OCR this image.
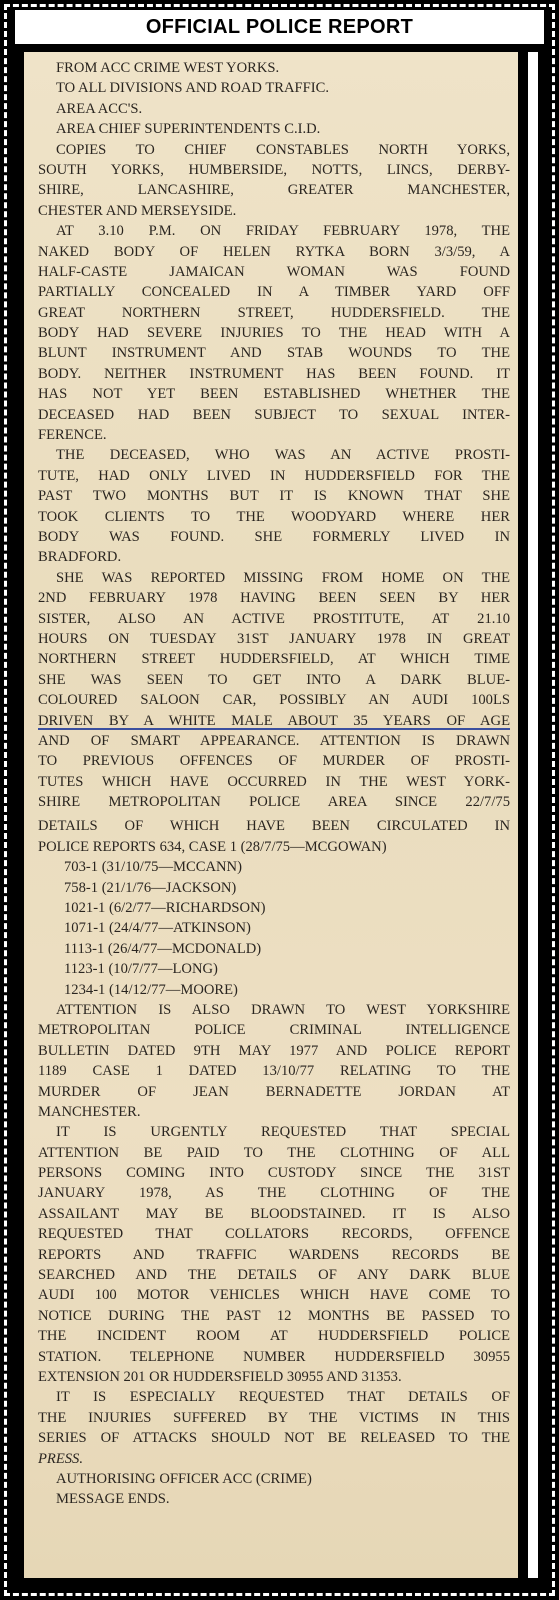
OFFICIAL POLICE REPORT
FROM ACC CRIME WEST YORKS.
TO ALL DIVISIONS AND ROAD TRAFFIC.
AREA ACC'S.
AREA CHIEF SUPERINTENDENTS C.I.D.
COPIES TO CHIEF CONSTABLES NORTH YORKS,
SOUTH YORKS, HUMBERSIDE, NOTTS, LINCS, DERBY-
SHIRE, LANCASHIRE, GREATER MANCHESTER,
CHESTER AND MERSEYSIDE.
AT 3.10 P.M. ON FRIDAY FEBRUARY 1978, THE
NAKED BODY OF HELEN RYTKA BORN 3/3/59, A
HALF-CASTE JAMAICAN WOMAN WAS FOUND
PARTIALLY CONCEALED IN A TIMBER YARD OFF
GREAT NORTHERN STREET, HUDDERSFIELD. THE
BODY HAD SEVERE INJURIES TO THE HEAD WITH A
BLUNT INSTRUMENT AND STAB WOUNDS TO THE
BODY. NEITHER INSTRUMENT HAS BEEN FOUND. IT
HAS NOT YET BEEN ESTABLISHED WHETHER THE
DECEASED HAD BEEN SUBJECT TO SEXUAL INTER-
FERENCE.
THE DECEASED, WHO WAS AN ACTIVE PROSTI-
TUTE, HAD ONLY LIVED IN HUDDERSFIELD FOR THE
PAST TWO MONTHS BUT IT IS KNOWN THAT SHE
TOOK CLIENTS TO THE WOODYARD WHERE HER
BODY WAS FOUND. SHE FORMERLY LIVED IN
BRADFORD.
SHE WAS REPORTED MISSING FROM HOME ON THE
2ND FEBRUARY 1978 HAVING BEEN SEEN BY HER
SISTER, ALSO AN ACTIVE PROSTITUTE, AT 21.10
HOURS ON TUESDAY 31ST JANUARY 1978 IN GREAT
NORTHERN STREET HUDDERSFIELD, AT WHICH TIME
SHE WAS SEEN TO GET INTO A DARK BLUE-
COLOURED SALOON CAR, POSSIBLY AN AUDI 100LS
DRIVEN BY A WHITE MALE ABOUT 35 YEARS OF AGE
AND OF SMART APPEARANCE. ATTENTION IS DRAWN
TO PREVIOUS OFFENCES OF MURDER OF PROSTI-
TUTES WHICH HAVE OCCURRED IN THE WEST YORK-
SHIRE METROPOLITAN POLICE AREA SINCE 22/7/75
DETAILS OF WHICH HAVE BEEN CIRCULATED IN
POLICE REPORTS 634, CASE 1 (28/7/75—MCGOWAN)
703-1 (31/10/75—MCCANN)
758-1 (21/1/76—JACKSON)
1021-1 (6/2/77—RICHARDSON)
1071-1 (24/4/77—ATKINSON)
1113-1 (26/4/77—MCDONALD)
1123-1 (10/7/77—LONG)
1234-1 (14/12/77—MOORE)
ATTENTION IS ALSO DRAWN TO WEST YORKSHIRE
METROPOLITAN POLICE CRIMINAL INTELLIGENCE
BULLETIN DATED 9TH MAY 1977 AND POLICE REPORT
1189 CASE 1 DATED 13/10/77 RELATING TO THE
MURDER OF JEAN BERNADETTE JORDAN AT
MANCHESTER.
IT IS URGENTLY REQUESTED THAT SPECIAL
ATTENTION BE PAID TO THE CLOTHING OF ALL
PERSONS COMING INTO CUSTODY SINCE THE 31ST
JANUARY 1978, AS THE CLOTHING OF THE
ASSAILANT MAY BE BLOODSTAINED. IT IS ALSO
REQUESTED THAT COLLATORS RECORDS, OFFENCE
REPORTS AND TRAFFIC WARDENS RECORDS BE
SEARCHED AND THE DETAILS OF ANY DARK BLUE
AUDI 100 MOTOR VEHICLES WHICH HAVE COME TO
NOTICE DURING THE PAST 12 MONTHS BE PASSED TO
THE INCIDENT ROOM AT HUDDERSFIELD POLICE
STATION. TELEPHONE NUMBER HUDDERSFIELD 30955
EXTENSION 201 OR HUDDERSFIELD 30955 AND 31353.
IT IS ESPECIALLY REQUESTED THAT DETAILS OF
THE INJURIES SUFFERED BY THE VICTIMS IN THIS
SERIES OF ATTACKS SHOULD NOT BE RELEASED TO THE
PRESS.
AUTHORISING OFFICER ACC (CRIME)
MESSAGE ENDS.
